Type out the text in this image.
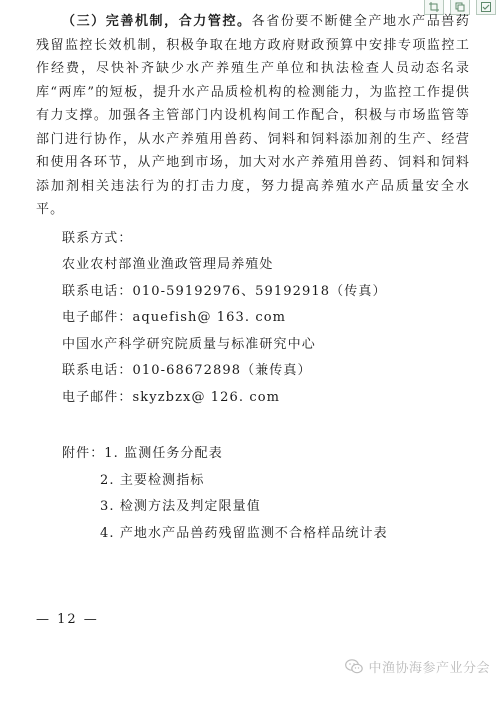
（三）完善机制，合力管控。各省份要不断健全产地水产品兽药残留监控长效机制，积极争取在地方政府财政预算中安排专项监控工作经费，尽快补齐缺少水产养殖生产单位和执法检查人员动态名录库“两库”的短板，提升水产品质检机构的检测能力，为监控工作提供有力支撑。加强各主管部门内设机构间工作配合，积极与市场监管等部门进行协作，从水产养殖用兽药、饲料和饲料添加剂的生产、经营和使用各环节，从产地到市场，加大对水产养殖用兽药、饲料和饲料添加剂相关违法行为的打击力度，努力提高养殖水产品质量安全水平。

联系方式：
农业农村部渔业渔政管理局养殖处
联系电话：010-59192976、59192918（传真）
电子邮件：aquefish@ 163. com
中国水产科学研究院质量与标准研究中心
联系电话：010-68672898（兼传真）
电子邮件：skyzbzx@ 126. com
附件：1. 监测任务分配表
2. 主要检测指标
3. 检测方法及判定限量值
4. 产地水产品兽药残留监测不合格样品统计表
— 12 —
中渔协海参产业分会
